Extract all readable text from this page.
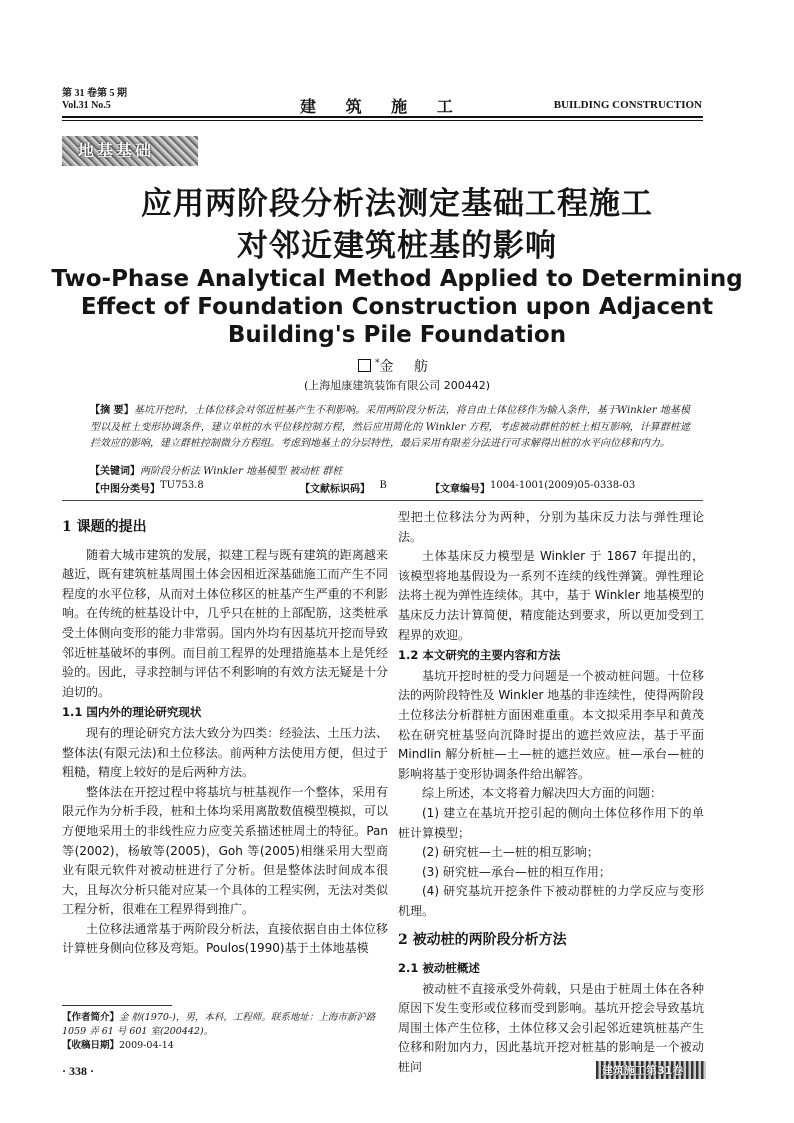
第 31 卷第 5 期
Vol.31 No.5	建 筑 施 工	BUILDING CONSTRUCTION
地基基础
应用两阶段分析法测定基础工程施工
对邻近建筑桩基的影响
Two-Phase Analytical Method Applied to Determining
Effect of Foundation Construction upon Adjacent
Building's Pile Foundation
*金 舫
(上海旭康建筑装饰有限公司 200442)
【摘 要】基坑开挖时，土体位移会对邻近桩基产生不利影响。采用两阶段分析法，将自由土体位移作为输入条件，基于Winkler 地基模型以及桩土变形协调条件，建立单桩的水平位移控制方程，然后应用简化的 Winkler 方程，考虑被动群桩的桩土相互影响，计算群桩遮拦效应的影响，建立群桩控制微分方程组。考虑到地基土的分层特性，最后采用有限差分法进行可求解得出桩的水平向位移和内力。
【关键词】两阶段分析法 Winkler 地基模型 被动桩 群桩
【中图分类号】 TU753.8	【文献标识码】 B	【文章编号】 1004-1001(2009)05-0338-03

1 课题的提出

随着大城市建筑的发展，拟建工程与既有建筑的距离越来越近，既有建筑桩基周围土体会因相近深基础施工而产生不同程度的水平位移，从而对土体位移区的桩基产生严重的不利影响。在传统的桩基设计中，几乎只在桩的上部配筋，这类桩承受土体侧向变形的能力非常弱。国内外均有因基坑开挖而导致邻近桩基破坏的事例。而目前工程界的处理措施基本上是凭经验的。因此，寻求控制与评估不利影响的有效方法无疑是十分迫切的。

1.1 国内外的理论研究现状

现有的理论研究方法大致分为四类：经验法、土压力法、整体法(有限元法)和土位移法。前两种方法使用方便，但过于粗糙，精度上较好的是后两种方法。

整体法在开挖过程中将基坑与桩基视作一个整体，采用有限元作为分析手段，桩和土体均采用离散数值模型模拟，可以方便地采用土的非线性应力应变关系描述桩周土的特征。Pan 等(2002)，杨敏等(2005)，Goh 等(2005)相继采用大型商业有限元软件对被动桩进行了分析。但是整体法时间成本很大，且每次分析只能对应某一个具体的工程实例，无法对类似工程分析，很难在工程界得到推广。

土位移法通常基于两阶段分析法，直接依据自由土体位移计算桩身侧向位移及弯矩。Poulos(1990)基于土体地基模

【作者简介】金 舫(1970-)，男，本科，工程师。联系地址：上海市新沪路 1059 弄 61 号 601 室(200442)。
【收稿日期】2009-04-14

型把土位移法分为两种，分别为基床反力法与弹性理论法。

土体基床反力模型是 Winkler 于 1867 年提出的，该模型将地基假设为一系列不连续的线性弹簧。弹性理论法将土视为弹性连续体。其中，基于 Winkler 地基模型的基床反力法计算简便，精度能达到要求，所以更加受到工程界的欢迎。

1.2 本文研究的主要内容和方法

基坑开挖时桩的受力问题是一个被动桩问题。十位移法的两阶段特性及 Winkler 地基的非连续性，使得两阶段土位移法分析群桩方面困难重重。本文拟采用李早和黄茂松在研究桩基竖向沉降时提出的遮拦效应法，基于平面 Mindlin 解分析桩—土—桩的遮拦效应。桩—承台—桩的影响将基于变形协调条件给出解答。

综上所述，本文将着力解决四大方面的问题：

(1) 建立在基坑开挖引起的侧向土体位移作用下的单桩计算模型；

(2) 研究桩—土—桩的相互影响；

(3) 研究桩—承台—桩的相互作用；

(4) 研究基坑开挖条件下被动群桩的力学反应与变形机理。

2 被动桩的两阶段分析方法

2.1 被动桩概述

被动桩不直接承受外荷载，只是由于桩周土体在各种原因下发生变形或位移而受到影响。基坑开挖会导致基坑周围土体产生位移，土体位移又会引起邻近建筑桩基产生位移和附加内力，因此基坑开挖对桩基的影响是一个被动桩问

· 338 ·	建筑施工第31卷
